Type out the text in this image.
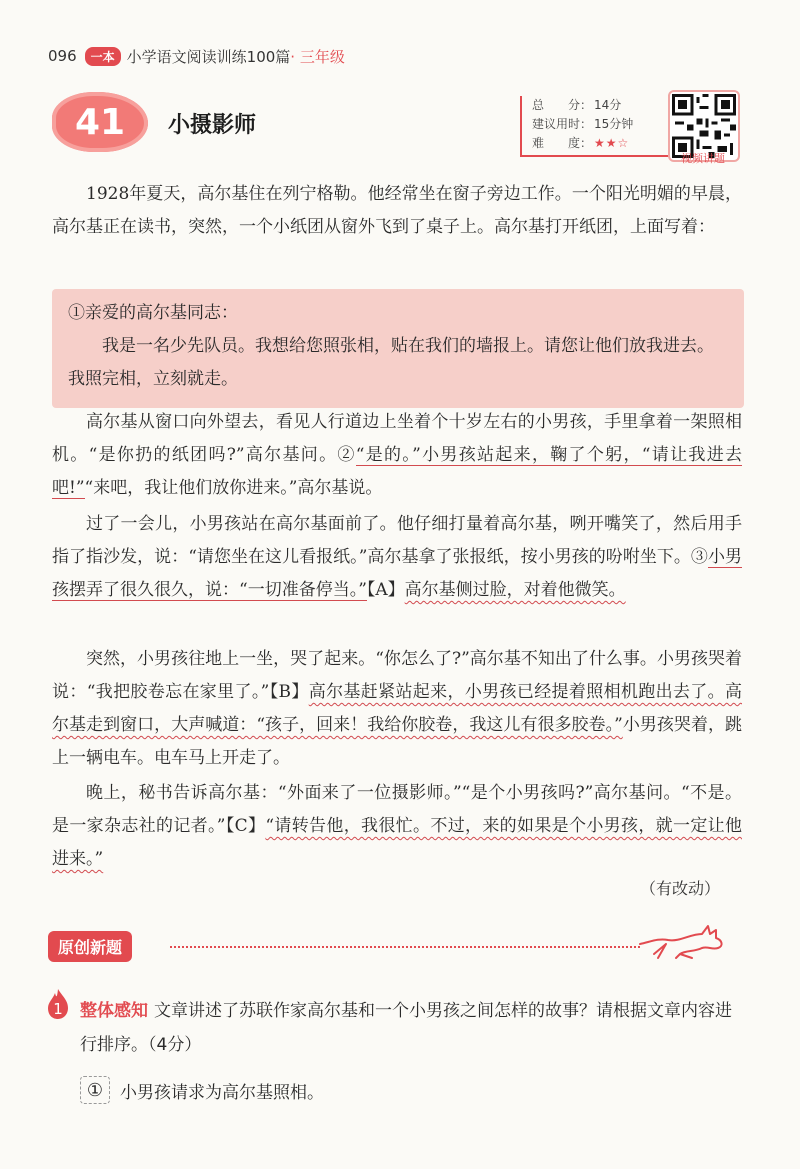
096	一本 小学语文阅读训练100篇 · 三年级
41 小摄影师
总　　分： 14分
建议用时： 15分钟
难　　度： ★★☆
视频讲题
1928年夏天，高尔基住在列宁格勒。他经常坐在窗子旁边工作。一个阳光明媚的早晨，高尔基正在读书，突然，一个小纸团从窗外飞到了桌子上。高尔基打开纸团，上面写着：
①亲爱的高尔基同志：
我是一名少先队员。我想给您照张相，贴在我们的墙报上。请您让他们放我进去。我照完相，立刻就走。
高尔基从窗口向外望去，看见人行道边上坐着个十岁左右的小男孩，手里拿着一架照相机。“是你扔的纸团吗?”高尔基问。②“是的。”小男孩站起来，鞠了个躬，“请让我进去吧!”“来吧，我让他们放你进来。”高尔基说。
过了一会儿，小男孩站在高尔基面前了。他仔细打量着高尔基，咧开嘴笑了，然后用手指了指沙发，说：“请您坐在这儿看报纸。”高尔基拿了张报纸，按小男孩的吩咐坐下。③小男孩摆弄了很久很久，说：“一切准备停当。”【A】高尔基侧过脸，对着他微笑。
突然，小男孩往地上一坐，哭了起来。“你怎么了?”高尔基不知出了什么事。小男孩哭着说：“我把胶卷忘在家里了。”【B】高尔基赶紧站起来，小男孩已经提着照相机跑出去了。高尔基走到窗口，大声喊道：“孩子，回来！我给你胶卷，我这儿有很多胶卷。”小男孩哭着，跳上一辆电车。电车马上开走了。
晚上，秘书告诉高尔基：“外面来了一位摄影师。”“是个小男孩吗?”高尔基问。“不是。是一家杂志社的记者。”【C】“请转告他，我很忙。不过，来的如果是个小男孩，就一定让他进来。”
（有改动）
原创新题
1 整体感知 文章讲述了苏联作家高尔基和一个小男孩之间怎样的故事？请根据文章内容进行排序。（4分）
① 小男孩请求为高尔基照相。
